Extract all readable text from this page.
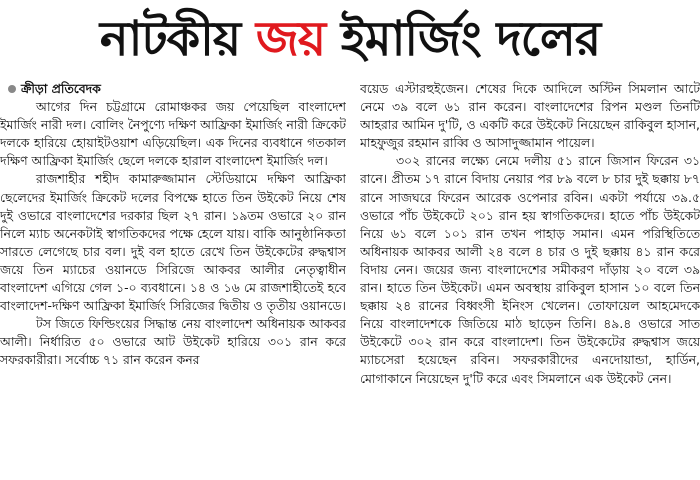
নাটকীয় জয় ইমার্জিং দলের

ক্রীড়া প্রতিবেদক

আগের দিন চট্টগ্রামে রোমাঞ্চকর জয় পেয়েছিল বাংলাদেশ ইমার্জিং নারী দল। বোলিং নৈপুণ্যে দক্ষিণ আফ্রিকা ইমার্জিং নারী ক্রিকেট দলকে হারিয়ে হোয়াইটওয়াশ এড়িয়েছিল। এক দিনের ব্যবধানে গতকাল দক্ষিণ আফ্রিকা ইমার্জিং ছেলে দলকে হারাল বাংলাদেশ ইমার্জিং দল।

রাজশাহীর শহীদ কামারুজ্জামান স্টেডিয়ামে দক্ষিণ আফ্রিকা ছেলেদের ইমার্জিং ক্রিকেট দলের বিপক্ষে হাতে তিন উইকেট নিয়ে শেষ দুই ওভারে বাংলাদেশের দরকার ছিল ২৭ রান। ১৯তম ওভারে ২০ রান নিলে ম্যাচ অনেকটাই স্বাগতিকদের পক্ষে হেলে যায়। বাকি আনুষ্ঠানিকতা সারতে লেগেছে চার বল। দুই বল হাতে রেখে তিন উইকেটের রুদ্ধশ্বাস জয়ে তিন ম্যাচের ওয়ানডে সিরিজে আকবর আলীর নেতৃত্বাধীন বাংলাদেশ এগিয়ে গেল ১-০ ব্যবধানে। ১৪ ও ১৬ মে রাজশাহীতেই হবে বাংলাদেশ-দক্ষিণ আফ্রিকা ইমার্জিং সিরিজের দ্বিতীয় ও তৃতীয় ওয়ানডে।

টস জিতে ফিল্ডিংয়ের সিদ্ধান্ত নেয় বাংলাদেশ অধিনায়ক আকবর আলী। নির্ধারিত ৫০ ওভারে আট উইকেট হারিয়ে ৩০১ রান করে সফরকারীরা। সর্বোচ্চ ৭১ রান করেন কনর

বয়েড এস্টারহুইজেন। শেষের দিকে আদিলে অস্টিন সিমলান আটে নেমে ৩৯ বলে ৬১ রান করেন। বাংলাদেশের রিপন মণ্ডল তিনটি আহরার আমিন দু'টি, ও একটি করে উইকেট নিয়েছেন রাকিবুল হাসান, মাহফুজুর রহমান রাব্বি ও আসাদুজ্জামান পায়েল।

৩০২ রানের লক্ষ্যে নেমে দলীয় ৫১ রানে জিসান ফিরেন ৩১ রানে। প্রীতম ১৭ রানে বিদায় নেয়ার পর ৮৯ বলে ৮ চার দুই ছক্কায় ৮৭ রানে সাজঘরে ফিরেন আরেক ওপেনার রবিন। একটা পর্যায়ে ৩৯.৫ ওভারে পাঁচ উইকেটে ২০১ রান হয় স্বাগতিকদের। হাতে পাঁচ উইকেট নিয়ে ৬১ বলে ১০১ রান তখন পাহাড় সমান। এমন পরিস্থিতিতে অধিনায়ক আকবর আলী ২৪ বলে ৪ চার ও দুই ছক্কায় ৪১ রান করে বিদায় নেন। জয়ের জন্য বাংলাদেশের সমীকরণ দাঁড়ায় ২০ বলে ৩৯ রান। হাতে তিন উইকেট। এমন অবস্থায় রাকিবুল হাসান ১০ বলে তিন ছক্কায় ২৪ রানের বিধ্বংসী ইনিংস খেলেন। তোফায়েল আহমেদকে নিয়ে বাংলাদেশকে জিতিয়ে মাঠ ছাড়েন তিনি। ৪৯.৪ ওভারে সাত উইকেটে ৩০২ রান করে বাংলাদেশ। তিন উইকেটের রুদ্ধশ্বাস জয়ে ম্যাচসেরা হয়েছেন রবিন। সফরকারীদের এনদোয়ান্ডা, হার্ডিন, মোগাকানে নিয়েছেন দু'টি করে এবং সিমলানে এক উইকেট নেন।
